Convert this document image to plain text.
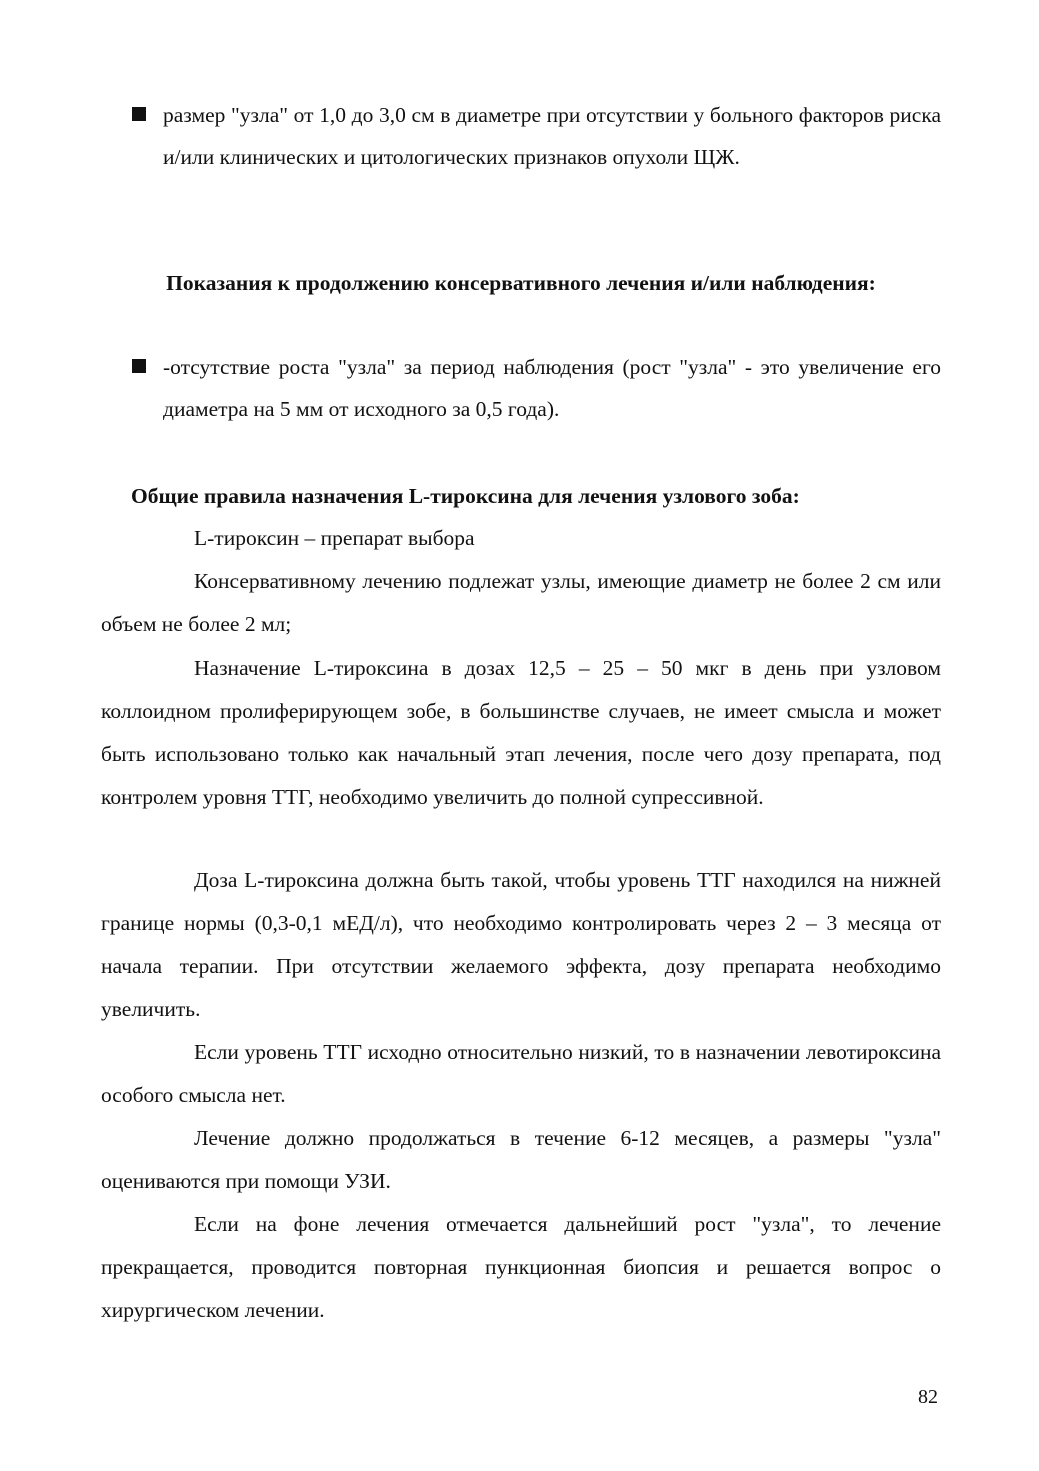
размер "узла" от 1,0 до 3,0 см в диаметре при отсутствии у больного факторов риска и/или клинических и цитологических признаков опухоли ЩЖ.
Показания к продолжению консервативного лечения и/или наблюдения:
-отсутствие роста "узла" за период наблюдения (рост "узла" - это увеличение его диаметра на 5 мм от исходного за 0,5 года).
Общие правила назначения L-тироксина для лечения узлового зоба:
L-тироксин – препарат выбора
Консервативному лечению подлежат узлы, имеющие диаметр не более 2 см или объем не более 2 мл;
Назначение L-тироксина в дозах 12,5 – 25 – 50 мкг в день при узловом коллоидном пролиферирующем зобе, в большинстве случаев, не имеет смысла и может быть использовано только как начальный этап лечения, после чего дозу препарата, под контролем уровня ТТГ, необходимо увеличить до полной супрессивной.
Доза L-тироксина должна быть такой, чтобы уровень ТТГ находился на нижней границе нормы (0,3-0,1 мЕД/л), что необходимо контролировать через 2 – 3 месяца от начала терапии. При отсутствии желаемого эффекта, дозу препарата необходимо увеличить.
Если уровень ТТГ исходно относительно низкий, то в назначении левотироксина особого смысла нет.
Лечение должно продолжаться в течение 6-12 месяцев, а размеры "узла" оцениваются при помощи УЗИ.
Если на фоне лечения отмечается дальнейший рост "узла", то лечение прекращается, проводится повторная пункционная биопсия и решается вопрос о хирургическом лечении.
82
